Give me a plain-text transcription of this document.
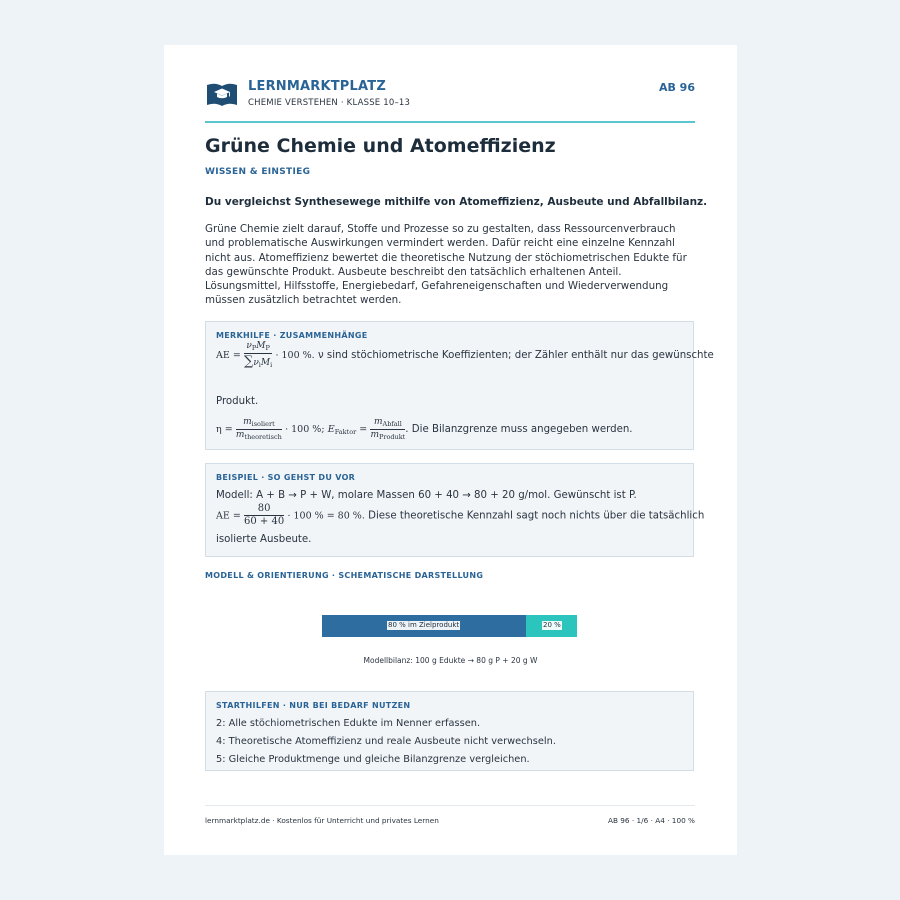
LERNMARKTPLATZ
CHEMIE VERSTEHEN · KLASSE 10–13
AB 96
Grüne Chemie und Atomeffizienz
WISSEN & EINSTIEG
Du vergleichst Synthesewege mithilfe von Atomeffizienz, Ausbeute und Abfallbilanz.
Grüne Chemie zielt darauf, Stoffe und Prozesse so zu gestalten, dass Ressourcenverbrauch und problematische Auswirkungen vermindert werden. Dafür reicht eine einzelne Kennzahl nicht aus. Atomeffizienz bewertet die theoretische Nutzung der stöchiometrischen Edukte für das gewünschte Produkt. Ausbeute beschreibt den tatsächlich erhaltenen Anteil. Lösungsmittel, Hilfsstoffe, Energiebedarf, Gefahreneigenschaften und Wiederverwendung müssen zusätzlich betrachtet werden.
MERKHILFE · ZUSAMMENHÄNGE
AE = $\frac{\nu_PM_P}{\sum\nu_iM_i} \cdot 100$ %. ν sind stöchiometrische Koeffizienten; der Zähler enthält nur das gewünschte
Produkt.
$\eta = \frac{m_{isoliert}}{m_{theoretisch}} \cdot 100$ %; $E_{Faktor} = \frac{m_{Abfall}}{m_{Produkt}}$ . Die Bilanzgrenze muss angegeben werden.
BEISPIEL · SO GEHST DU VOR
Modell: A + B → P + W, molare Massen 60 + 40 → 80 + 20 g/mol. Gewünscht ist P.
AE = $\frac{80}{60 + 40} \cdot 100$ % = 80 %. Diese theoretische Kennzahl sagt noch nichts über die tatsächlich
isolierte Ausbeute.
MODELL & ORIENTIERUNG · SCHEMATISCHE DARSTELLUNG
80 % im Zielprodukt	20 %
Modellbilanz: 100 g Edukte → 80 g P + 20 g W
STARTHILFEN · NUR BEI BEDARF NUTZEN
2: Alle stöchiometrischen Edukte im Nenner erfassen.
4: Theoretische Atomeffizienz und reale Ausbeute nicht verwechseln.
5: Gleiche Produktmenge und gleiche Bilanzgrenze vergleichen.
lernmarktplatz.de · Kostenlos für Unterricht und privates Lernen	AB 96 · 1/6 · A4 · 100 %
